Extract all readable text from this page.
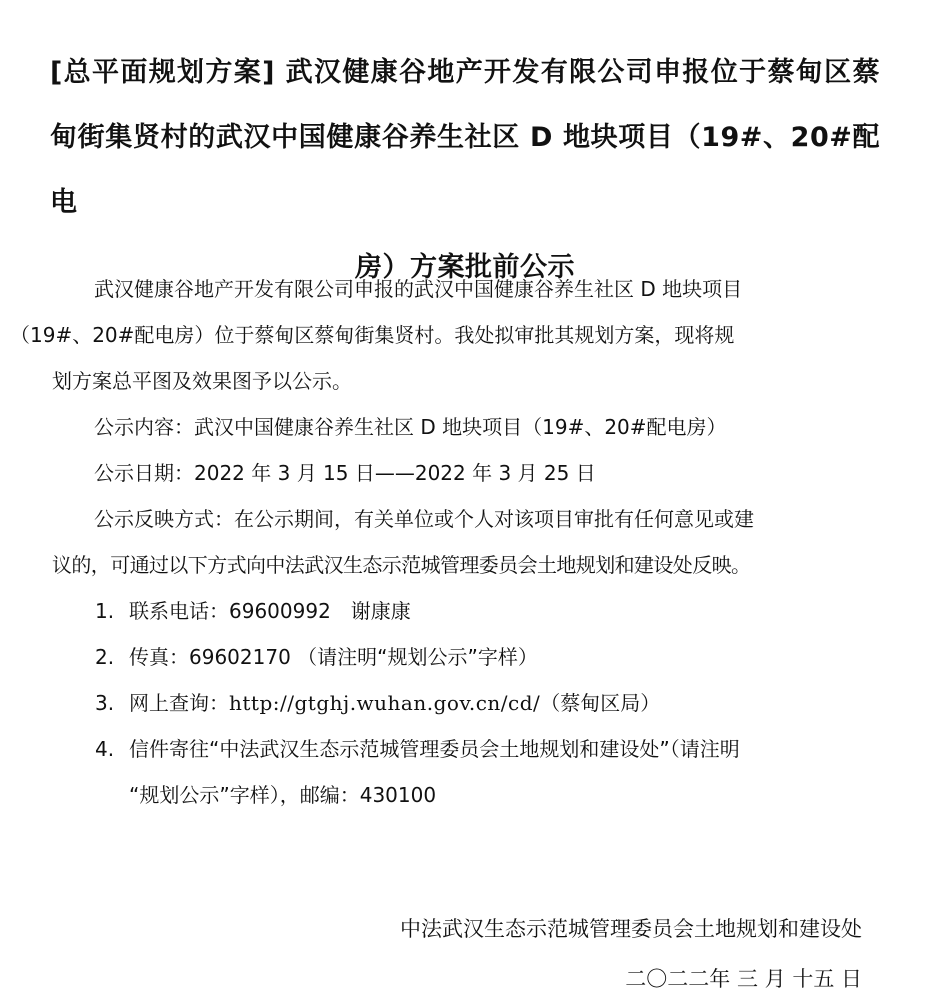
[总平面规划方案] 武汉健康谷地产开发有限公司申报位于蔡甸区蔡
甸街集贤村的武汉中国健康谷养生社区 D 地块项目（19#、20#配电
房）方案批前公示

武汉健康谷地产开发有限公司申报的武汉中国健康谷养生社区 D 地块项目
（19#、20#配电房）位于蔡甸区蔡甸街集贤村。我处拟审批其规划方案，现将规
划方案总平图及效果图予以公示。

公示内容：武汉中国健康谷养生社区 D 地块项目（19#、20#配电房）

公示日期：2022 年 3 月 15 日——2022 年 3 月 25 日

公示反映方式：在公示期间，有关单位或个人对该项目审批有任何意见或建
议的，可通过以下方式向中法武汉生态示范城管理委员会土地规划和建设处反映。

1. 联系电话：69600992　谢康康
2. 传真：69602170 （请注明“规划公示”字样）
3. 网上查询：http://gtghj.wuhan.gov.cn/cd/（蔡甸区局）
4. 信件寄往“中法武汉生态示范城管理委员会土地规划和建设处”（请注明
“规划公示”字样），邮编：430100
中法武汉生态示范城管理委员会土地规划和建设处
二〇二二年 三 月 十五 日
